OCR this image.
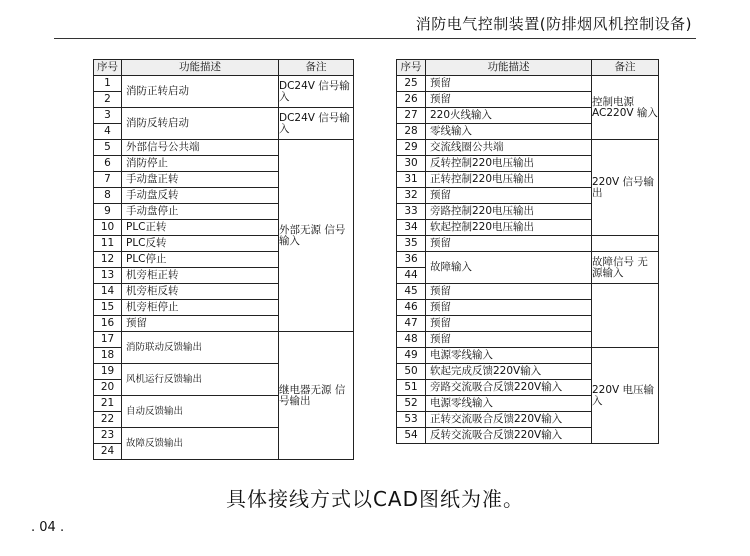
消防电气控制装置(防排烟风机控制设备)
序号	功能描述	备注
1	消防正转启动	DC24V 信号输入
2		
3	消防反转启动	DC24V 信号输入
4		
5	外部信号公共端	外部无源 信号输入
6	消防停止	
7	手动盘正转	
8	手动盘反转	
9	手动盘停止	
10	PLC正转	
11	PLC反转	
12	PLC停止	
13	机旁柜正转	
14	机旁柜反转	
15	机旁柜停止	
16	预留	
17	消防联动反馈输出	继电器无源 信号输出
18		
19	风机运行反馈输出	
20		
21	自动反馈输出	
22		
23	故障反馈输出	
24		
序号	功能描述	备注
25	预留	控制电源 AC220V 输入
26	预留	
27	220火线输入	
28	零线输入	
29	交流线圈公共端	220V 信号输出
30	反转控制220电压输出	
31	正转控制220电压输出	
32	预留	
33	旁路控制220电压输出	
34	软起控制220电压输出	
35	预留	
36	故障输入	故障信号 无源输入
44		
45	预留	
46	预留	
47	预留	
48	预留	
49	电源零线输入	220V 电压输入
50	软起完成反馈220V输入	
51	旁路交流吸合反馈220V输入	
52	电源零线输入	
53	正转交流吸合反馈220V输入	
54	反转交流吸合反馈220V输入	
具体接线方式以CAD图纸为准。
. 04 .
